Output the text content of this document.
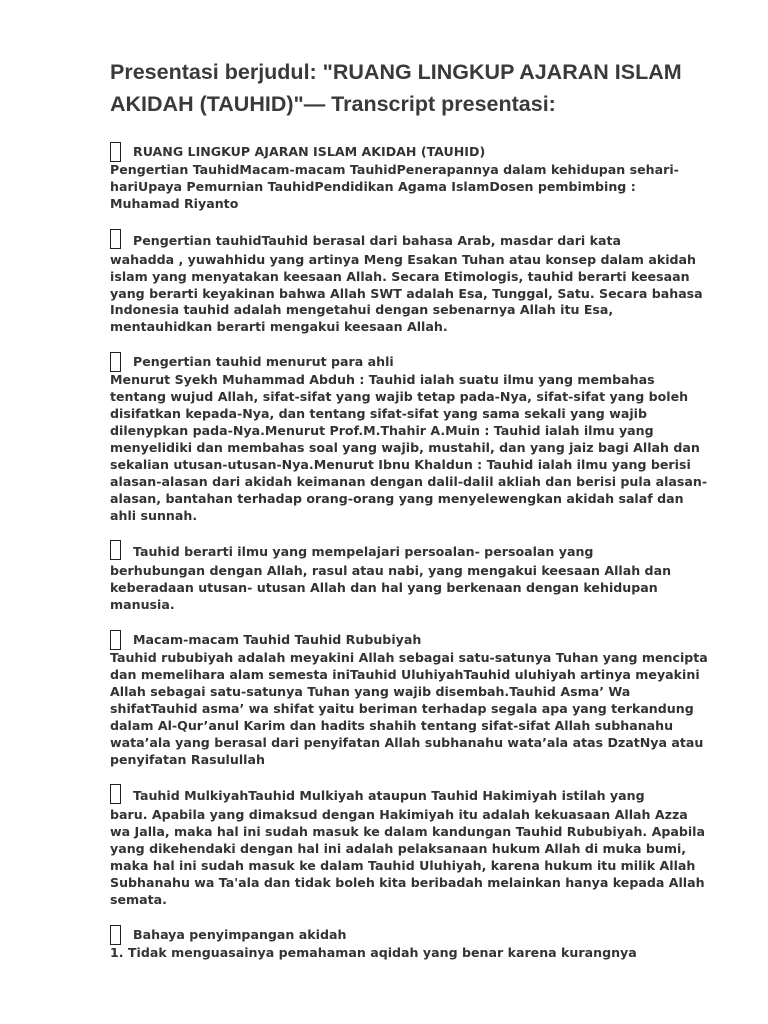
Presentasi berjudul: "RUANG LINGKUP AJARAN ISLAM AKIDAH (TAUHID)"— Transcript presentasi:
RUANG LINGKUP AJARAN ISLAM AKIDAH (TAUHID)
Pengertian TauhidMacam-macam TauhidPenerapannya dalam kehidupan sehari-hariUpaya Pemurnian TauhidPendidikan Agama IslamDosen pembimbing : Muhamad Riyanto
Pengertian tauhidTauhid berasal dari bahasa Arab, masdar dari kata
wahadda , yuwahhidu yang artinya Meng Esakan Tuhan atau konsep dalam akidah islam yang menyatakan keesaan Allah. Secara Etimologis, tauhid berarti keesaan yang berarti keyakinan bahwa Allah SWT adalah Esa, Tunggal, Satu. Secara bahasa Indonesia tauhid adalah mengetahui dengan sebenarnya Allah itu Esa, mentauhidkan berarti mengakui keesaan Allah.
Pengertian tauhid menurut para ahli
Menurut Syekh Muhammad Abduh : Tauhid ialah suatu ilmu yang membahas tentang wujud Allah, sifat-sifat yang wajib tetap pada-Nya, sifat-sifat yang boleh disifatkan kepada-Nya, dan tentang sifat-sifat yang sama sekali yang wajib dilenypkan pada-Nya.Menurut Prof.M.Thahir A.Muin : Tauhid ialah ilmu yang menyelidiki dan membahas soal yang wajib, mustahil, dan yang jaiz bagi Allah dan sekalian utusan-utusan-Nya.Menurut Ibnu Khaldun : Tauhid ialah ilmu yang berisi alasan-alasan dari akidah keimanan dengan dalil-dalil akliah dan berisi pula alasan- alasan, bantahan terhadap orang-orang yang menyelewengkan akidah salaf dan ahli sunnah.
Tauhid berarti ilmu yang mempelajari persoalan- persoalan yang
berhubungan dengan Allah, rasul atau nabi, yang mengakui keesaan Allah dan keberadaan utusan- utusan Allah dan hal yang berkenaan dengan kehidupan manusia.
Macam-macam Tauhid Tauhid Rububiyah
Tauhid rububiyah adalah meyakini Allah sebagai satu-satunya Tuhan yang mencipta dan memelihara alam semesta iniTauhid UluhiyahTauhid uluhiyah artinya meyakini Allah sebagai satu-satunya Tuhan yang wajib disembah.Tauhid Asma’ Wa shifatTauhid asma’ wa shifat yaitu beriman terhadap segala apa yang terkandung dalam Al-Qur’anul Karim dan hadits shahih tentang sifat-sifat Allah subhanahu wata’ala yang berasal dari penyifatan Allah subhanahu wata’ala atas DzatNya atau penyifatan Rasulullah
Tauhid MulkiyahTauhid Mulkiyah ataupun Tauhid Hakimiyah istilah yang
baru. Apabila yang dimaksud dengan Hakimiyah itu adalah kekuasaan Allah Azza wa Jalla, maka hal ini sudah masuk ke dalam kandungan Tauhid Rububiyah. Apabila yang dikehendaki dengan hal ini adalah pelaksanaan hukum Allah di muka bumi, maka hal ini sudah masuk ke dalam Tauhid Uluhiyah, karena hukum itu milik Allah Subhanahu wa Ta'ala dan tidak boleh kita beribadah melainkan hanya kepada Allah semata.
Bahaya penyimpangan akidah
1. Tidak menguasainya pemahaman aqidah yang benar karena kurangnya
